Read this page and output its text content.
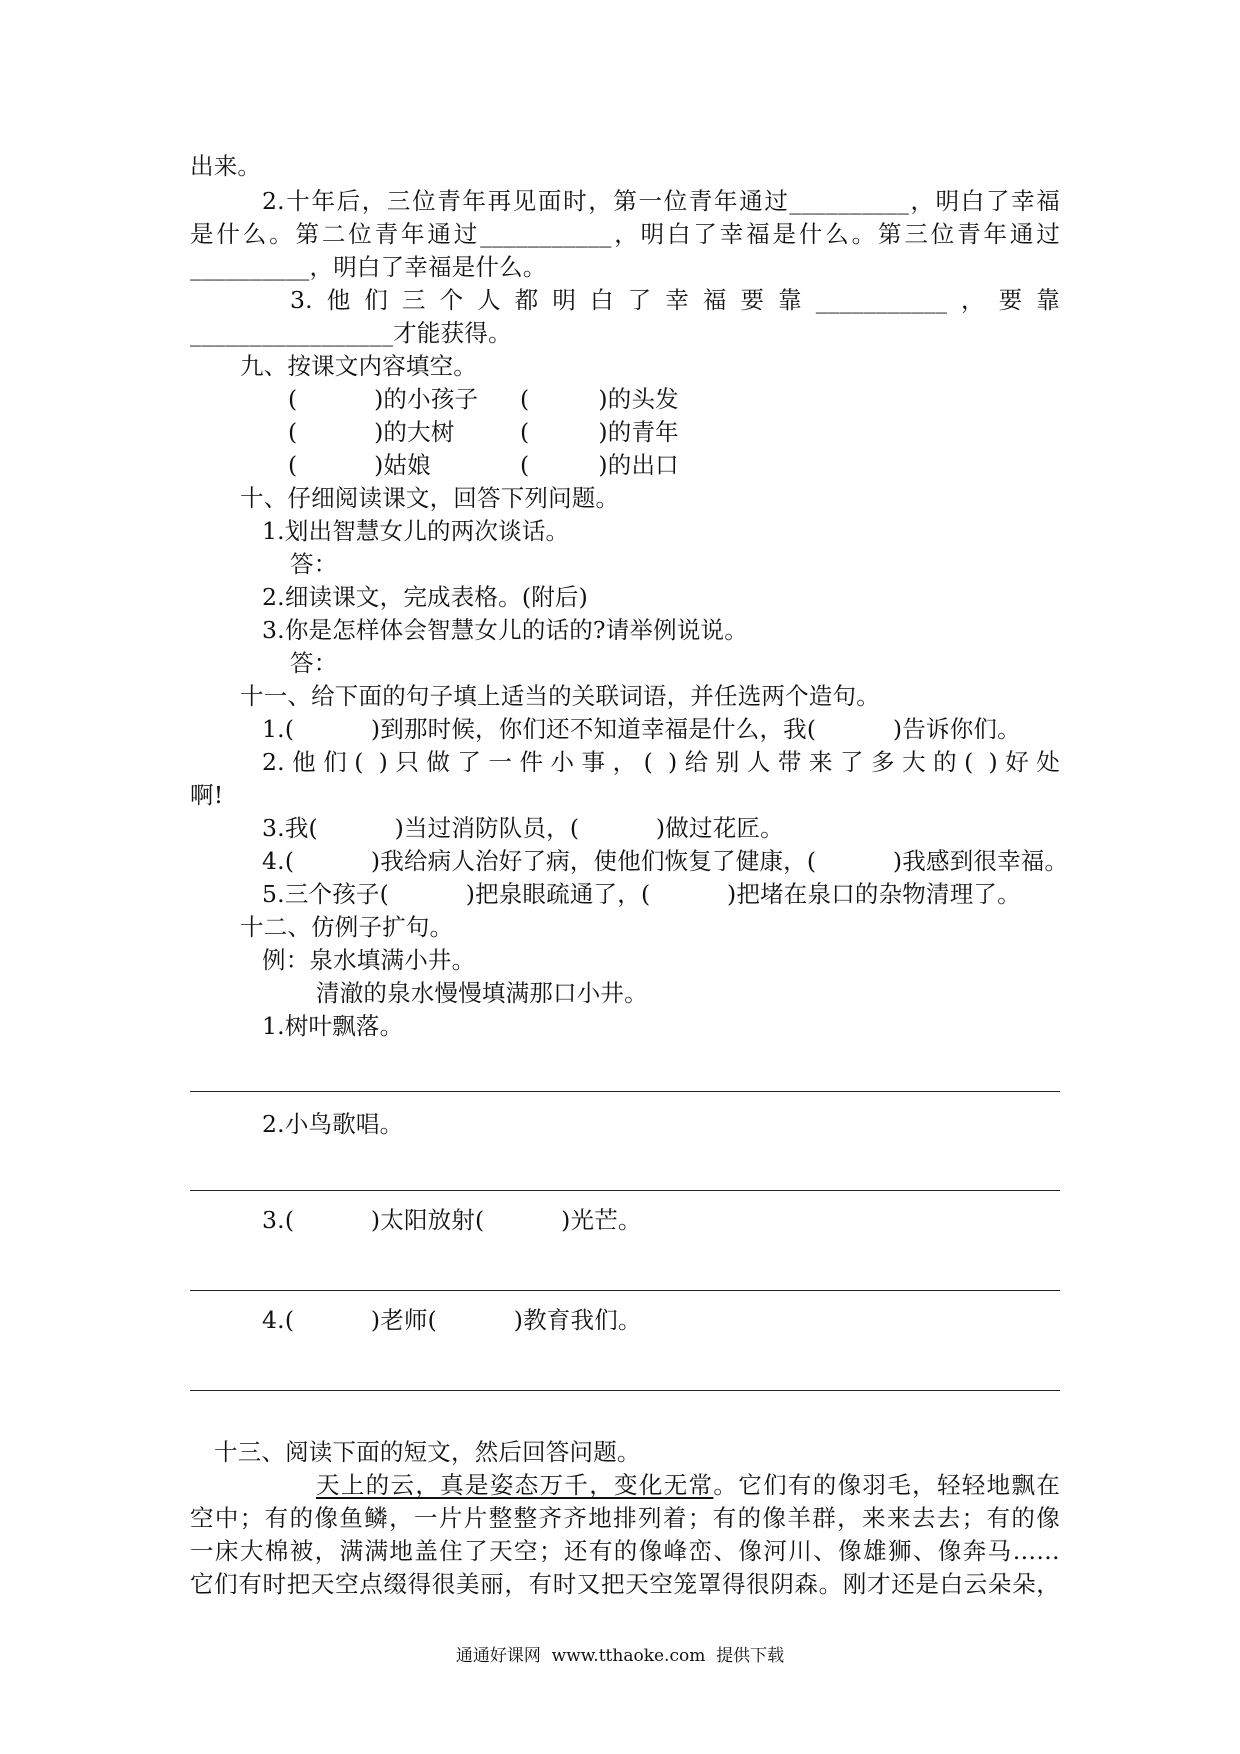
出来。
2.十年后，三位青年再见面时，第一位青年通过__________，明白了幸福
是什么。第二位青年通过___________，明白了幸福是什么。第三位青年通过
__________，明白了幸福是什么。
3.他们三个人都明白了幸福要靠___________，要靠
_________________才能获得。
九、按课文内容填空。
(          )的小孩子 (         )的头发
(          )的大树	(         )的青年
(          )姑娘	(         )的出口
十、仔细阅读课文，回答下列问题。
1.划出智慧女儿的两次谈话。
答：
2.细读课文，完成表格。(附后)
3.你是怎样体会智慧女儿的话的?请举例说说。
答：
十一、给下面的句子填上适当的关联词语，并任选两个造句。
1.(          )到那时候，你们还不知道幸福是什么，我(          )告诉你们。
2.他们( )只做了一件小事，( )给别人带来了多大的( )好处
啊!
3.我(          )当过消防队员，(          )做过花匠。
4.(          )我给病人治好了病，使他们恢复了健康，(          )我感到很幸福。
5.三个孩子(          )把泉眼疏通了，(          )把堵在泉口的杂物清理了。
十二、仿例子扩句。
例：泉水填满小井。
清澈的泉水慢慢填满那口小井。
1.树叶飘落。
2.小鸟歌唱。
3.(          )太阳放射(          )光芒。
4.(          )老师(          )教育我们。
十三、阅读下面的短文，然后回答问题。
天上的云，真是姿态万千，变化无常。它们有的像羽毛，轻轻地飘在
空中；有的像鱼鳞，一片片整整齐齐地排列着；有的像羊群，来来去去；有的像
一床大棉被，满满地盖住了天空；还有的像峰峦、像河川、像雄狮、像奔马……
它们有时把天空点缀得很美丽，有时又把天空笼罩得很阴森。刚才还是白云朵朵，
通通好课网  www.tthaoke.com  提供下载
